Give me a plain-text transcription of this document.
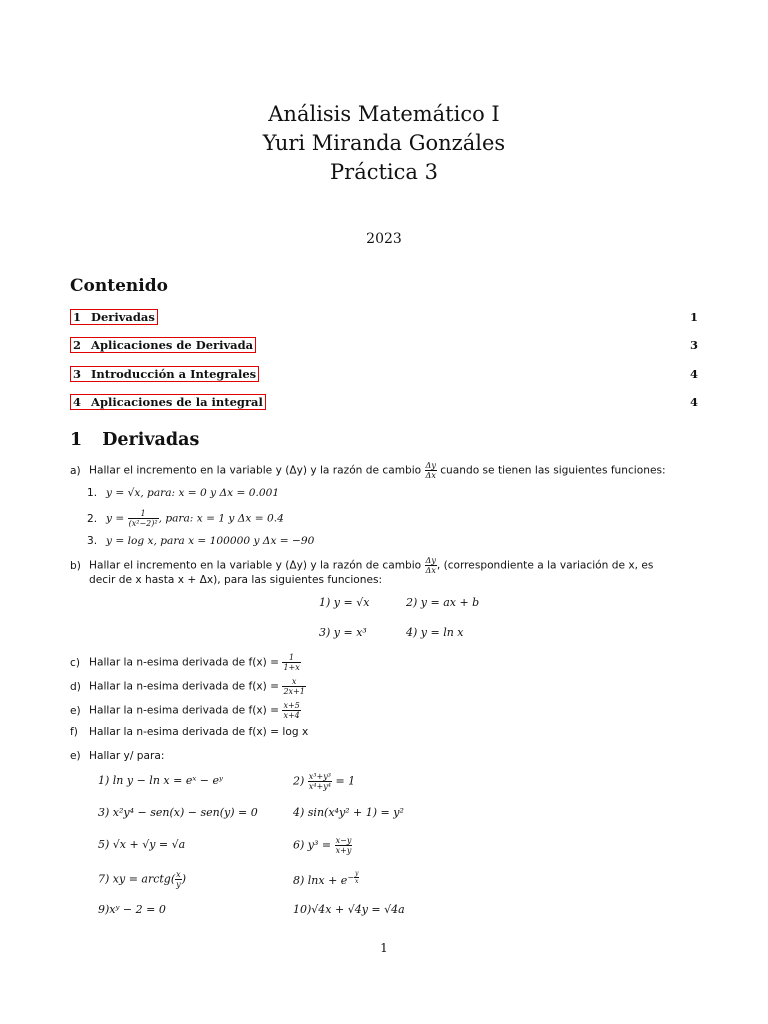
Análisis Matemático I
Yuri Miranda Gonzáles
Práctica 3
2023
Contenido
1 Derivadas	1
2 Aplicaciones de Derivada	3
3 Introducción a Integrales	4
4 Aplicaciones de la integral	4
1 Derivadas
a) Hallar el incremento en la variable y (Δy) y la razón de cambio $\frac{\Delta y}{\Delta x}$ cuando se tienen las siguientes funciones:
1. y = √x, para: x = 0 y Δx = 0.001
2. $y = \frac{1}{\text{(x²−2)²}}$ , para: x = 1 y Δx = 0.4
3. y = log x, para x = 100000 y Δx = −90
b) Hallar el incremento en la variable y (Δy) y la razón de cambio $\frac{\Delta y}{\Delta x}$ , (correspondiente a la variación de x, es
decir de x hasta x + Δx), para las siguientes funciones:
1) y = √x	2) y = ax + b
3) y = x³	4) y = ln x
c) Hallar la n-esima derivada de $f(x) = \frac{1}{1+x}$
d) Hallar la n-esima derivada de $f(x) = \frac{x}{2x+1}$
e) Hallar la n-esima derivada de $f(x) = \frac{x+5}{x+4}$
f) Hallar la n-esima derivada de f(x) = log x
e) Hallar y/ para:
1) ln y − ln x = eˣ − eʸ	$2) \frac{\text{x³+y³}}{\text{x⁴+y⁴}} = 1$
3) x²y⁴ − sen(x) − sen(y) = 0	4) sin(x⁴y² + 1) = y²
5) √x + √y = √a	6) $y^3 = \frac{x-y}{x+y}$
7) xy = arctg( $\frac{x}{y}$ )	8) $\ln x + e^{- \frac{y}{x}}$
9)xʸ − 2 = 0	10)√4x + √4y = √4a
1
